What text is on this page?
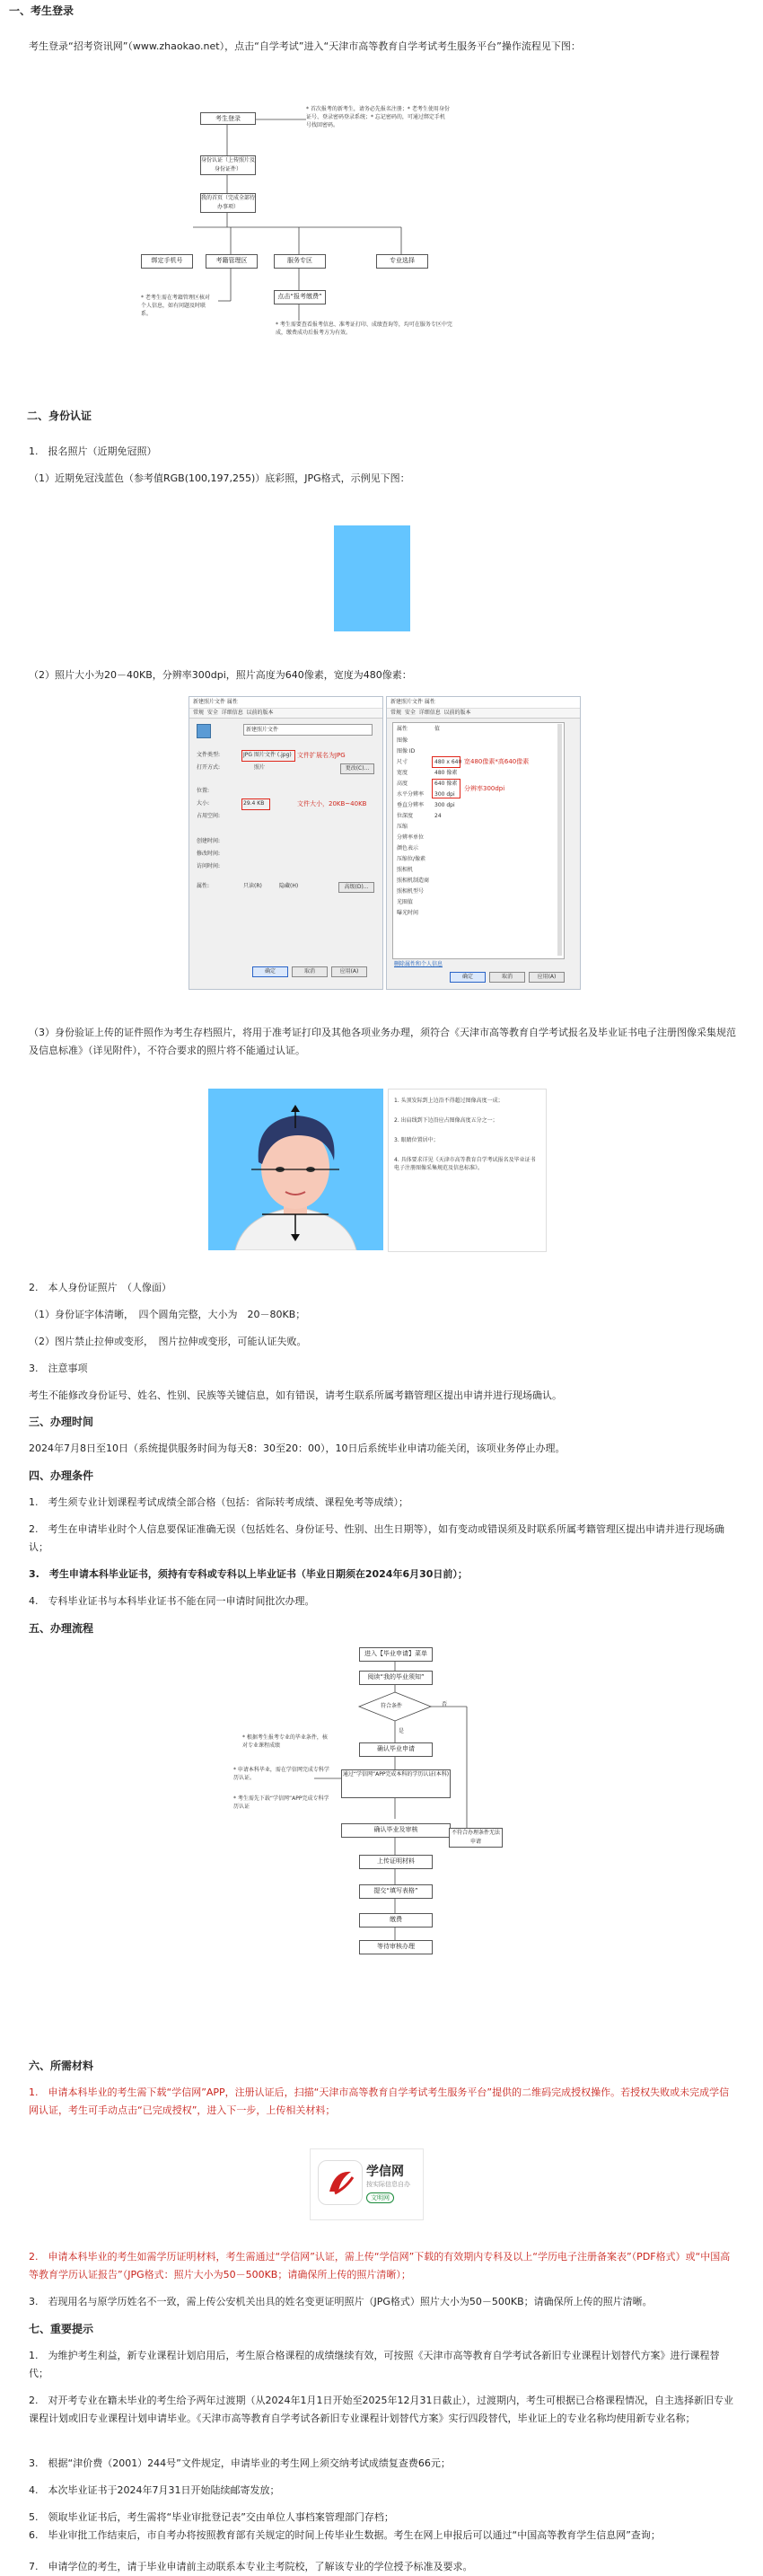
一、考生登录
考生登录“招考资讯网”（www.zhaokao.net），点击“自学考试”进入“天津市高等教育自学考试考生服务平台”操作流程见下图：
考生登录
身份认证（上传照片及身份证件）
我的首页（完成全部待办事项）
绑定手机号	考籍管理区	服务专区	专业选择
点击“报考缴费”
* 首次报考的新考生，请务必先报名注册；* 老考生使用身份证号、登录密码登录系统；* 忘记密码的，可通过绑定手机号找回密码。
* 老考生需在考籍管理区核对个人信息，如有问题及时联系。
* 考生需要查看报考信息、准考证打印、成绩查询等，均可在服务专区中完成，缴费成功后报考方为有效。
二、身份认证
1.　报名照片（近期免冠照）
（1）近期免冠浅蓝色（参考值RGB(100,197,255)）底彩照，JPG格式，示例见下图：
（2）照片大小为20－40KB，分辨率300dpi，照片高度为640像素，宽度为480像素：
新建照片文件 属性
常规 安全 详细信息 以前的版本
新建照片文件
文件类型:	JPG 图片文件 (.jpg) 文件扩展名为JPG
打开方式:	照片	更改(C)...
位置:
大小:	29.4 KB	文件大小，20KB~40KB
占用空间:
创建时间:
修改时间:
访问时间:
属性:	只读(R)	隐藏(H)	高级(D)...
确定	取消	应用(A)
新建照片文件 属性
常规 安全 详细信息 以前的版本
属性	值
图像
图像 ID
尺寸	480 x 640
宽度	480 像素
高度	640 像素
水平分辨率 300 dpi
垂直分辨率 300 dpi
位深度	24
压缩
分辨率单位
颜色表示
压缩位/像素
照相机
照相机制造商
照相机型号
光圈值
曝光时间
宽480像素*高640像素
分辨率300dpi
删除属性和个人信息
确定	取消	应用(A)
（3）身份验证上传的证件照作为考生存档照片，将用于准考证打印及其他各项业务办理，须符合《天津市高等教育自学考试报名及毕业证书电子注册图像采集规范及信息标准》（详见附件），不符合要求的照片将不能通过认证。
1. 头顶发际到上边沿不得超过图像高度一成；
2. 出肩线到下边沿应占图像高度五分之一；
3. 眼睛位置居中；
4. 具体要求详见《天津市高等教育自学考试报名及毕业证书电子注册图像采集规范及信息标准》。
2.　本人身份证照片　（人像面）
（1）身份证字体清晰，　四个圆角完整，大小为　20－80KB；
（2）图片禁止拉伸或变形，　图片拉伸或变形，可能认证失败。
3.　注意事项
考生不能修改身份证号、姓名、性别、民族等关键信息，如有错误，请考生联系所属考籍管理区提出申请并进行现场确认。
三、办理时间
2024年7月8日至10日（系统提供服务时间为每天8：30至20：00），10日后系统毕业申请功能关闭，该项业务停止办理。
四、办理条件
1.　考生须专业计划课程考试成绩全部合格（包括：省际转考成绩、课程免考等成绩）；
2.　考生在申请毕业时个人信息要保证准确无误（包括姓名、身份证号、性别、出生日期等），如有变动或错误须及时联系所属考籍管理区提出申请并进行现场确认；
3.　考生申请本科毕业证书，须持有专科或专科以上毕业证书（毕业日期须在2024年6月30日前）；
4.　专科毕业证书与本科毕业证书不能在同一申请时间批次办理。
五、办理流程
进入【毕业申请】菜单
阅读“我的毕业须知”
符合条件
是
否
确认毕业申请
通过“学信网”APP完成本科的学历认证(本科)
确认毕业及审核	不符合办理条件无法申请
上传证明材料
提交“填写表格”
缴费
等待审核办理
* 根据考生报考专业的毕业条件，核对专业课程成绩
* 申请本科毕业，需在学信网完成专科学历认证。
* 考生需先下载“学信网”APP完成专科学历认证
六、所需材料
1.　申请本科毕业的考生需下载“学信网”APP，注册认证后，扫描“天津市高等教育自学考试考生服务平台”提供的二维码完成授权操作。若授权失败或未完成学信网认证，考生可手动点击“已完成授权”，进入下一步，上传相关材料；
学信网
按实际信息自办
文明网
2.　申请本科毕业的考生如需学历证明材料，考生需通过“学信网”认证，需上传“学信网”下载的有效期内专科及以上“学历电子注册备案表”（PDF格式）或“中国高等教育学历认证报告”（JPG格式：照片大小为50－500KB；请确保所上传的照片清晰）；
3.　若现用名与原学历姓名不一致，需上传公安机关出具的姓名变更证明照片（JPG格式）照片大小为50－500KB；请确保所上传的照片清晰。
七、重要提示
1.　为维护考生利益，新专业课程计划启用后，考生原合格课程的成绩继续有效，可按照《天津市高等教育自学考试各新旧专业课程计划替代方案》进行课程替代；
2.　对开考专业在籍未毕业的考生给予两年过渡期（从2024年1月1日开始至2025年12月31日截止），过渡期内，考生可根据已合格课程情况，自主选择新旧专业课程计划或旧专业课程计划申请毕业。《天津市高等教育自学考试各新旧专业课程计划替代方案》实行四段替代，毕业证上的专业名称均使用新专业名称；
3.　根据“津价费（2001）244号”文件规定，申请毕业的考生网上须交纳考试成绩复查费66元；
4.　本次毕业证书于2024年7月31日开始陆续邮寄发放；
5.　领取毕业证书后，考生需将“毕业审批登记表”交由单位人事档案管理部门存档；
6.　毕业审批工作结束后，市自考办将按照教育部有关规定的时间上传毕业生数据。考生在网上申报后可以通过“中国高等教育学生信息网”查询；
7.　申请学位的考生，请于毕业申请前主动联系本专业主考院校，了解该专业的学位授予标准及要求。
